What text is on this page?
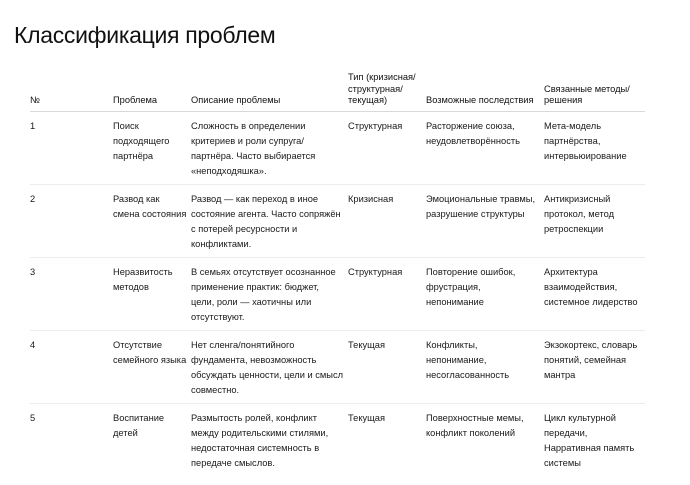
Классификация проблем
№	Проблема	Описание проблемы	Тип (кризисная/ структурная/ текущая)	Возможные последствия	Связанные методы/ решения
1	Поиск подходящего партнёра	Сложность в определении критериев и роли супруга/ партнёра. Часто выбирается «неподходяшка».	Структурная	Расторжение союза, неудовлетворённость	Мета-модель партнёрства, интервьюирование
2	Развод как смена состояния	Развод — как переход в иное состояние агента. Часто сопряжён с потерей ресурсности и конфликтами.	Кризисная	Эмоциональные травмы, разрушение структуры	Антикризисный протокол, метод ретроспекции
3	Неразвитость методов	В семьях отсутствует осознанное применение практик: бюджет, цели, роли — хаотичны или отсутствуют.	Структурная	Повторение ошибок, фрустрация, непонимание	Архитектура взаимодействия, системное лидерство
4	Отсутствие семейного языка	Нет сленга/понятийного фундамента, невозможность обсуждать ценности, цели и смысл совместно.	Текущая	Конфликты, непонимание, несогласованность	Экзокортекс, словарь понятий, семейная мантра
5	Воспитание детей	Размытость ролей, конфликт между родительскими стилями, недостаточная системность в передаче смыслов.	Текущая	Поверхностные мемы, конфликт поколений	Цикл культурной передачи, Нарративная память системы
